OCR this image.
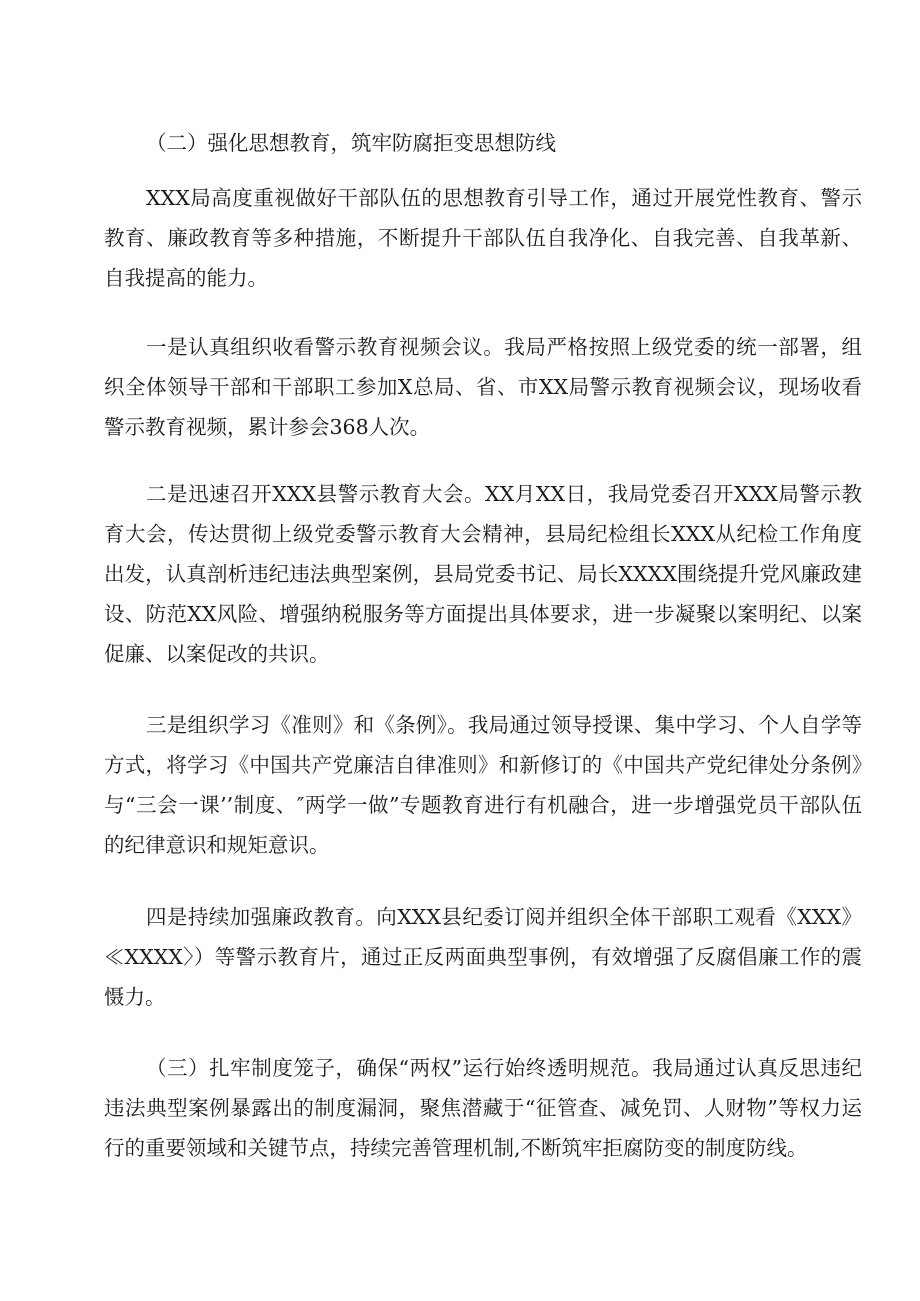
（二）强化思想教育，筑牢防腐拒变思想防线

XXX局高度重视做好干部队伍的思想教育引导工作，通过开展党性教育、警示教育、廉政教育等多种措施，不断提升干部队伍自我净化、自我完善、自我革新、自我提高的能力。

一是认真组织收看警示教育视频会议。我局严格按照上级党委的统一部署，组织全体领导干部和干部职工参加X总局、省、市XX局警示教育视频会议，现场收看警示教育视频，累计参会368人次。

二是迅速召开XXX县警示教育大会。XX月XX日，我局党委召开XXX局警示教育大会，传达贯彻上级党委警示教育大会精神，县局纪检组长XXX从纪检工作角度出发，认真剖析违纪违法典型案例，县局党委书记、局长XXXX围绕提升党风廉政建设、防范XX风险、增强纳税服务等方面提出具体要求，进一步凝聚以案明纪、以案促廉、以案促改的共识。

三是组织学习《准则》和《条例》。我局通过领导授课、集中学习、个人自学等方式，将学习《中国共产党廉洁自律准则》和新修订的《中国共产党纪律处分条例》与“三会一课’’制度、″两学一做”专题教育进行有机融合，进一步增强党员干部队伍的纪律意识和规矩意识。

四是持续加强廉政教育。向XXX县纪委订阅并组织全体干部职工观看《XXX》≪XXXX〉）等警示教育片，通过正反两面典型事例，有效增强了反腐倡廉工作的震慑力。

（三）扎牢制度笼子，确保“两权”运行始终透明规范。我局通过认真反思违纪违法典型案例暴露出的制度漏洞，聚焦潜藏于“征管查、减免罚、人财物”等权力运行的重要领域和关键节点，持续完善管理机制,不断筑牢拒腐防变的制度防线。
